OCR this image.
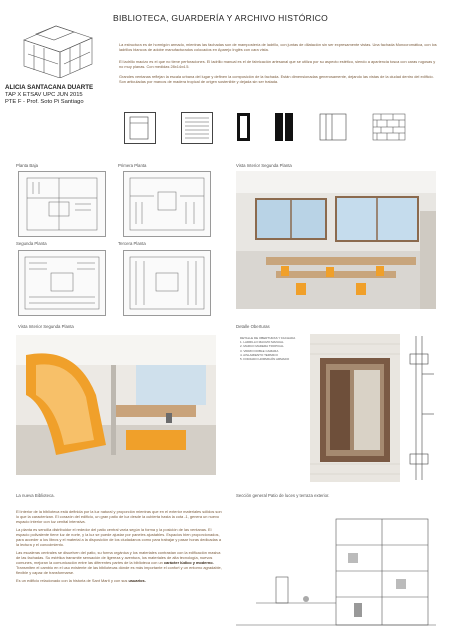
BIBLIOTECA, GUARDERÍA Y ARCHIVO HISTÓRICO
La estructura es de hormigón armado, mientras las fachadas son de mampostería de ladrillo, con juntas de dilatación sin ser expresamente vistas. Una fachada Monocromática, con los ladrillos blancos de adobe manufacturados colocados en Aparejo Inglés con cara vista.
El ladrillo macizo es el que no tiene perforaciones. El ladrillo manual es el de fabricación artesanal que se utiliza por su aspecto estético, siendo a apariencia tosca con caras rugosas y no muy planas. Con medidas 28x14x4.5.
Grandes ventanas reflejan la escala urbana del lugar y definen la composición de la fachada. Están dimensionadas generosamente, dejando las vistas de la ciudad dentro del edificio. Son articuladas por marcos de madera tropical de origen sostenible y dejada sin ser tratada.
ALICIA SANTACANA DUARTE
TAP X ETSAV UPC JUN 2015
PTE F - Prof. Soto Pi Santiago
Planta Baja	Primera Planta	Vista Interior Segunda Planta
Segunda Planta	Tercera Planta
Vista Interior Segunda Planta	Detalle Oberturas
DETALLE DE OBERTURAS Y FACHADA
1. LADRILLO MACIZO MANUAL
2. MARCO MADERA TROPICAL
3. VIDRIO DOBLE CAMARA
4. AISLAMIENTO TERMICO
5. FORJADO HORMIGÓN ARMADO
La nueva Biblioteca.	Sección general Patio de luces y terraza exterior.

El interior de la biblioteca está definida por la luz natural y proporción mientras que en el exterior materiales sólidos son lo que la caracterizan. El corazón del edificio, un gran patio de luz desde la cubierta hasta la cota -1, genera un nuevo espacio interior con luz cenital intensiva.

La planta es sencilla distribuidor el rededor del patio central varía según la forma y la posición de las ventanas. El espacio polivalente tiene luz de norte, y la luz se puede ajustar por paneles ajustables. Espacios bien proporcionados, para acceder a los libros y el material a la disposición de los ciudadanos como para trabajar y pasar horas dedicadas a la lectura y el conocimiento.

Las escaleras centrales se disuelven del patio, su forma orgánica y los materiales contrastan con la edificación masiva de las fachadas. Su estética transmite sensación de ligereza y aventura, los materiales de alta tecnología, nuevos comunes, mejoran la comunicación entre las diferentes partes de la biblioteca con un carácter lúdico y moderno. Transmiten el cambio en el uso existente de las bibliotecas dónde es más importante el confort y un entorno agradable, flexible y capaz de transformarse.

Es un edificio relacionado con la historia de Sant Martí y con sus usuarios.
